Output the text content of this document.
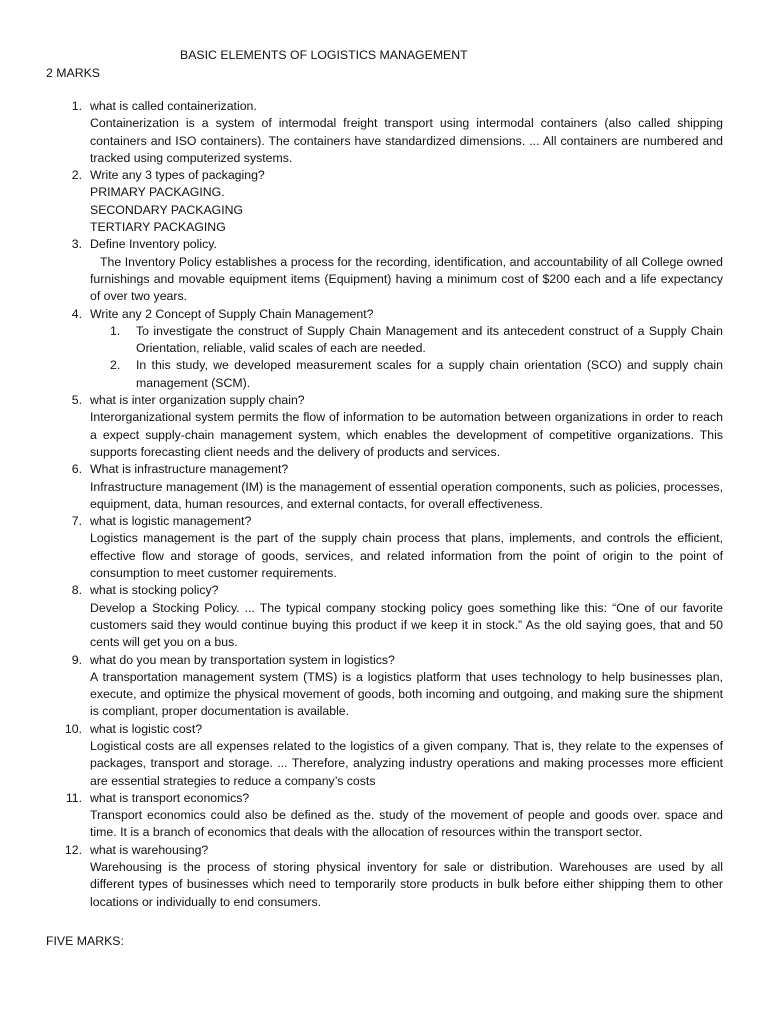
BASIC ELEMENTS OF LOGISTICS MANAGEMENT

2 MARKS

1. what is called containerization.
Containerization is a system of intermodal freight transport using intermodal containers (also called shipping containers and ISO containers). The containers have standardized dimensions. ... All containers are numbered and tracked using computerized systems.
2. Write any 3 types of packaging?
PRIMARY PACKAGING.
SECONDARY PACKAGING
TERTIARY PACKAGING
3. Define Inventory policy.
The Inventory Policy establishes a process for the recording, identification, and accountability of all College owned furnishings and movable equipment items (Equipment) having a minimum cost of $200 each and a life expectancy of over two years.
4. Write any 2 Concept of Supply Chain Management?
1. To investigate the construct of Supply Chain Management and its antecedent construct of a Supply Chain Orientation, reliable, valid scales of each are needed.
2. In this study, we developed measurement scales for a supply chain orientation (SCO) and supply chain management (SCM).
5. what is inter organization supply chain?
Interorganizational system permits the flow of information to be automation between organizations in order to reach a expect supply-chain management system, which enables the development of competitive organizations. This supports forecasting client needs and the delivery of products and services.
6. What is infrastructure management?
Infrastructure management (IM) is the management of essential operation components, such as policies, processes, equipment, data, human resources, and external contacts, for overall effectiveness.
7. what is logistic management?
Logistics management is the part of the supply chain process that plans, implements, and controls the efficient, effective flow and storage of goods, services, and related information from the point of origin to the point of consumption to meet customer requirements.
8. what is stocking policy?
Develop a Stocking Policy. ... The typical company stocking policy goes something like this: “One of our favorite customers said they would continue buying this product if we keep it in stock.” As the old saying goes, that and 50 cents will get you on a bus.
9. what do you mean by transportation system in logistics?
A transportation management system (TMS) is a logistics platform that uses technology to help businesses plan, execute, and optimize the physical movement of goods, both incoming and outgoing, and making sure the shipment is compliant, proper documentation is available.
10. what is logistic cost?
Logistical costs are all expenses related to the logistics of a given company. That is, they relate to the expenses of packages, transport and storage. ... Therefore, analyzing industry operations and making processes more efficient are essential strategies to reduce a company’s costs
11. what is transport economics?
Transport economics could also be defined as the. study of the movement of people and goods over. space and time. It is a branch of economics that deals with the allocation of resources within the transport sector.
12. what is warehousing?
Warehousing is the process of storing physical inventory for sale or distribution. Warehouses are used by all different types of businesses which need to temporarily store products in bulk before either shipping them to other locations or individually to end consumers.

FIVE MARKS:
